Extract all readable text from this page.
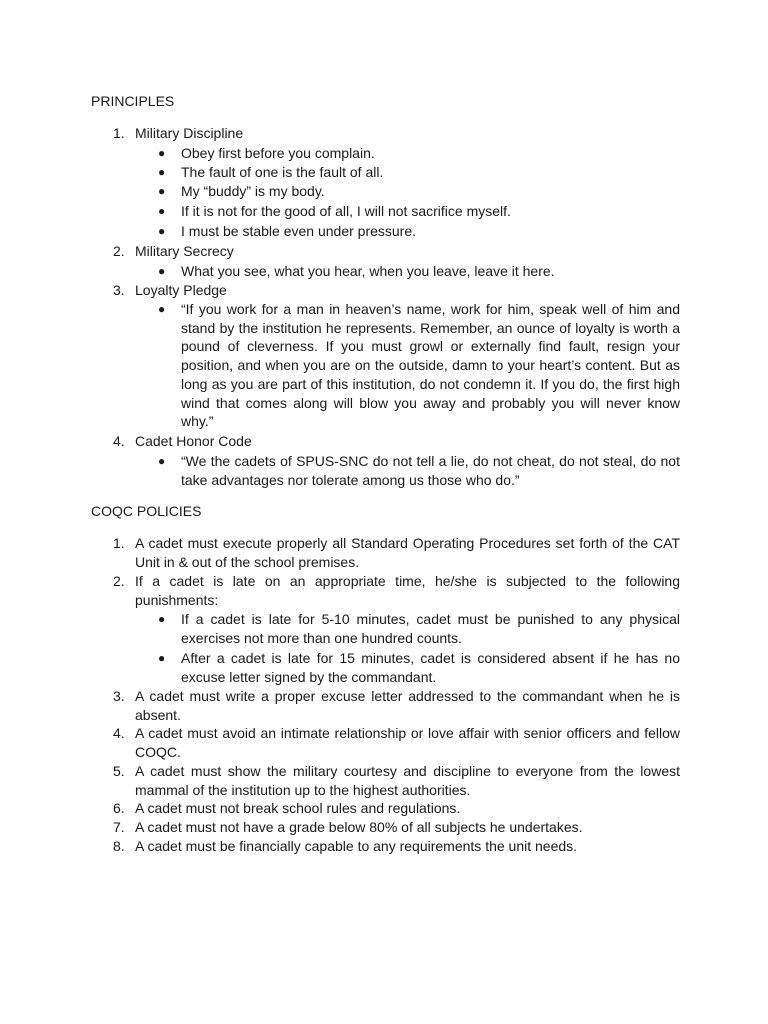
PRINCIPLES
1. Military Discipline
●	Obey first before you complain.
●	The fault of one is the fault of all.
●	My “buddy” is my body.
●	If it is not for the good of all, I will not sacrifice myself.
●	I must be stable even under pressure.
2. Military Secrecy
●	What you see, what you hear, when you leave, leave it here.
3. Loyalty Pledge
●	“If you work for a man in heaven’s name, work for him, speak well of him and stand by the institution he represents. Remember, an ounce of loyalty is worth a pound of cleverness. If you must growl or externally find fault, resign your position, and when you are on the outside, damn to your heart’s content. But as long as you are part of this institution, do not condemn it. If you do, the first high wind that comes along will blow you away and probably you will never know why.”
4. Cadet Honor Code
●	“We the cadets of SPUS-SNC do not tell a lie, do not cheat, do not steal, do not take advantages nor tolerate among us those who do.”
COQC POLICIES
1. A cadet must execute properly all Standard Operating Procedures set forth of the CAT Unit in & out of the school premises.
2. If a cadet is late on an appropriate time, he/she is subjected to the following punishments:
●	If a cadet is late for 5-10 minutes, cadet must be punished to any physical exercises not more than one hundred counts.
●	After a cadet is late for 15 minutes, cadet is considered absent if he has no excuse letter signed by the commandant.
3. A cadet must write a proper excuse letter addressed to the commandant when he is absent.
4. A cadet must avoid an intimate relationship or love affair with senior officers and fellow COQC.
5. A cadet must show the military courtesy and discipline to everyone from the lowest mammal of the institution up to the highest authorities.
6. A cadet must not break school rules and regulations.
7. A cadet must not have a grade below 80% of all subjects he undertakes.
8. A cadet must be financially capable to any requirements the unit needs.
